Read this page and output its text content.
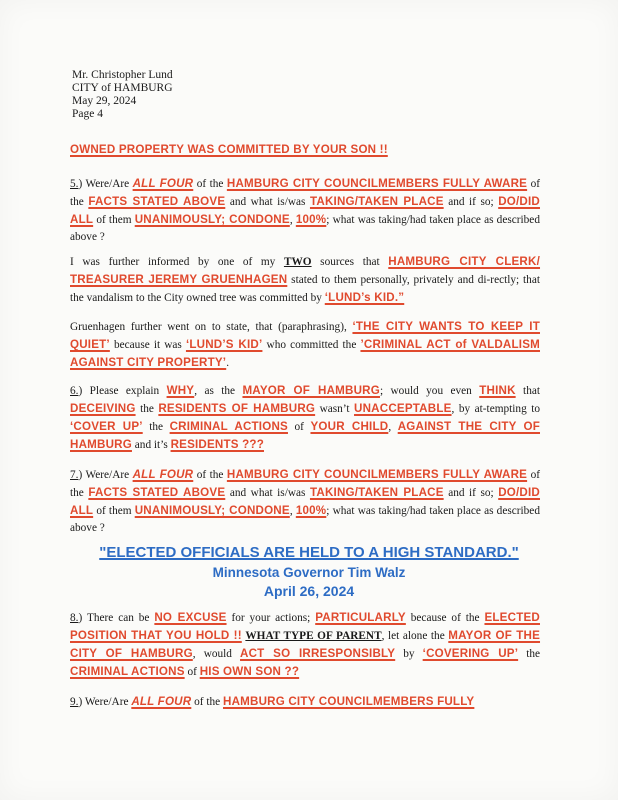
Mr. Christopher Lund
CITY of HAMBURG
May 29, 2024
Page 4
OWNED PROPERTY WAS COMMITTED BY YOUR SON !!
5.) Were/Are ALL FOUR of the HAMBURG CITY COUNCILMEMBERS FULLY AWARE of the FACTS STATED ABOVE and what is/was TAKING/TAKEN PLACE and if so; DO/DID ALL of them UNANIMOUSLY; CONDONE, 100%; what was taking/had taken place as described above ?
I was further informed by one of my TWO sources that HAMBURG CITY CLERK/ TREASURER JEREMY GRUENHAGEN stated to them personally, privately and di-rectly; that the vandalism to the City owned tree was committed by ‘LUND’s KID.”
Gruenhagen further went on to state, that (paraphrasing), ‘THE CITY WANTS TO KEEP IT QUIET’ because it was ‘LUND’S KID’ who committed the ’CRIMINAL ACT of VALDALISM AGAINST CITY PROPERTY’.
6.) Please explain WHY, as the MAYOR OF HAMBURG; would you even THINK that DECEIVING the RESIDENTS OF HAMBURG wasn’t UNACCEPTABLE, by at-tempting to ‘COVER UP’ the CRIMINAL ACTIONS of YOUR CHILD, AGAINST THE CITY OF HAMBURG and it’s RESIDENTS ???
7.) Were/Are ALL FOUR of the HAMBURG CITY COUNCILMEMBERS FULLY AWARE of the FACTS STATED ABOVE and what is/was TAKING/TAKEN PLACE and if so; DO/DID ALL of them UNANIMOUSLY; CONDONE, 100%; what was taking/had taken place as described above ?
8.) There can be NO EXCUSE for your actions; PARTICULARLY because of the ELECTED POSITION THAT YOU HOLD !! WHAT TYPE OF PARENT, let alone the MAYOR OF THE CITY OF HAMBURG, would ACT SO IRRESPONSIBLY by ‘COVERING UP’ the CRIMINAL ACTIONS of HIS OWN SON ??
9.) Were/Are ALL FOUR of the HAMBURG CITY COUNCILMEMBERS FULLY
"ELECTED OFFICIALS ARE HELD TO A HIGH STANDARD."
Minnesota Governor Tim Walz
April 26, 2024
